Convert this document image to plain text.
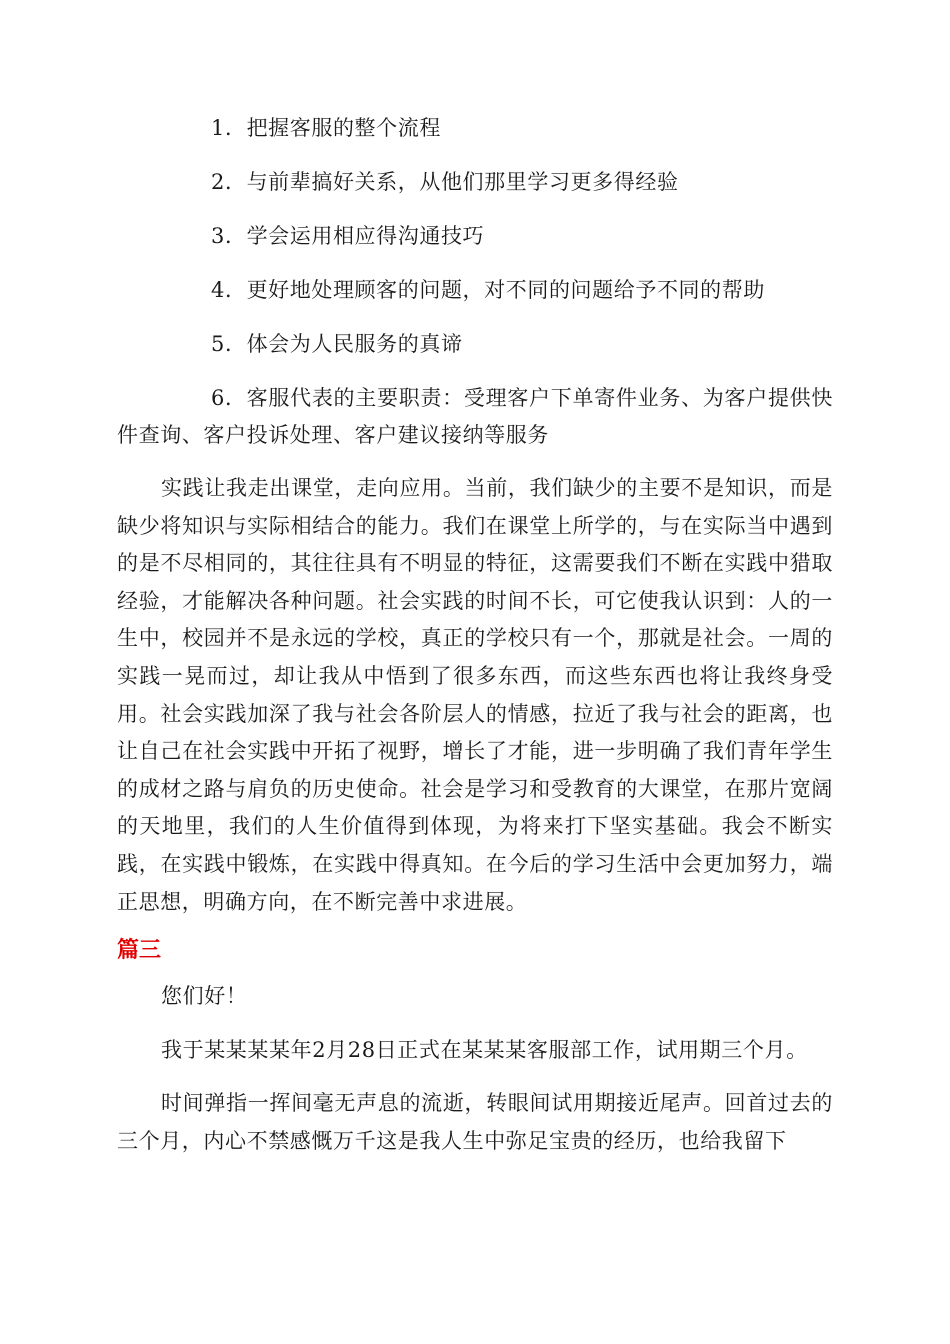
1．把握客服的整个流程
2．与前辈搞好关系，从他们那里学习更多得经验
3．学会运用相应得沟通技巧
4．更好地处理顾客的问题，对不同的问题给予不同的帮助
5．体会为人民服务的真谛
6．客服代表的主要职责：受理客户下单寄件业务、为客户提供快件查询、客户投诉处理、客户建议接纳等服务

实践让我走出课堂，走向应用。当前，我们缺少的主要不是知识，而是缺少将知识与实际相结合的能力。我们在课堂上所学的，与在实际当中遇到的是不尽相同的，其往往具有不明显的特征，这需要我们不断在实践中猎取经验，才能解决各种问题。社会实践的时间不长，可它使我认识到：人的一生中，校园并不是永远的学校，真正的学校只有一个，那就是社会。一周的实践一晃而过，却让我从中悟到了很多东西，而这些东西也将让我终身受用。社会实践加深了我与社会各阶层人的情感，拉近了我与社会的距离，也让自己在社会实践中开拓了视野，增长了才能，进一步明确了我们青年学生的成材之路与肩负的历史使命。社会是学习和受教育的大课堂，在那片宽阔的天地里，我们的人生价值得到体现，为将来打下坚实基础。我会不断实践，在实践中锻炼，在实践中得真知。在今后的学习生活中会更加努力，端正思想，明确方向，在不断完善中求进展。

篇三

您们好！

我于某某某某年2月28日正式在某某某客服部工作，试用期三个月。

时间弹指一挥间毫无声息的流逝，转眼间试用期接近尾声。回首过去的三个月，内心不禁感慨万千这是我人生中弥足宝贵的经历，也给我留下
